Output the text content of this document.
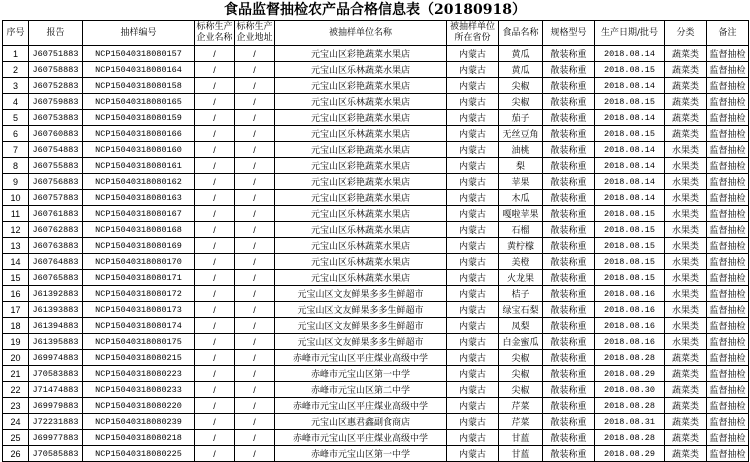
食品监督抽检农产品合格信息表（20180918）
序号	报告	抽样编号	标称生产企业名称	标称生产企业地址	被抽样单位名称	被抽样单位所在省份	食品名称	规格型号	生产日期/批号	分类	备注
1	J60751883	NCP15040318080157	/	/	元宝山区彩艳蔬菜水果店	内蒙古	黄瓜	散装称重	2018.08.14	蔬菜类	监督抽检
2	J60758883	NCP15040318080164	/	/	元宝山区乐林蔬菜水果店	内蒙古	黄瓜	散装称重	2018.08.15	蔬菜类	监督抽检
3	J60752883	NCP15040318080158	/	/	元宝山区彩艳蔬菜水果店	内蒙古	尖椒	散装称重	2018.08.14	蔬菜类	监督抽检
4	J60759883	NCP15040318080165	/	/	元宝山区乐林蔬菜水果店	内蒙古	尖椒	散装称重	2018.08.15	蔬菜类	监督抽检
5	J60753883	NCP15040318080159	/	/	元宝山区彩艳蔬菜水果店	内蒙古	茄子	散装称重	2018.08.14	蔬菜类	监督抽检
6	J60760883	NCP15040318080166	/	/	元宝山区乐林蔬菜水果店	内蒙古	无丝豆角	散装称重	2018.08.15	蔬菜类	监督抽检
7	J60754883	NCP15040318080160	/	/	元宝山区彩艳蔬菜水果店	内蒙古	油桃	散装称重	2018.08.14	水果类	监督抽检
8	J60755883	NCP15040318080161	/	/	元宝山区彩艳蔬菜水果店	内蒙古	梨	散装称重	2018.08.14	水果类	监督抽检
9	J60756883	NCP15040318080162	/	/	元宝山区彩艳蔬菜水果店	内蒙古	苹果	散装称重	2018.08.14	水果类	监督抽检
10	J60757883	NCP15040318080163	/	/	元宝山区彩艳蔬菜水果店	内蒙古	木瓜	散装称重	2018.08.14	水果类	监督抽检
11	J60761883	NCP15040318080167	/	/	元宝山区乐林蔬菜水果店	内蒙古	嘎啦苹果	散装称重	2018.08.15	水果类	监督抽检
12	J60762883	NCP15040318080168	/	/	元宝山区乐林蔬菜水果店	内蒙古	石榴	散装称重	2018.08.15	水果类	监督抽检
13	J60763883	NCP15040318080169	/	/	元宝山区乐林蔬菜水果店	内蒙古	黄柠檬	散装称重	2018.08.15	水果类	监督抽检
14	J60764883	NCP15040318080170	/	/	元宝山区乐林蔬菜水果店	内蒙古	美橙	散装称重	2018.08.15	水果类	监督抽检
15	J60765883	NCP15040318080171	/	/	元宝山区乐林蔬菜水果店	内蒙古	火龙果	散装称重	2018.08.15	水果类	监督抽检
16	J61392883	NCP15040318080172	/	/	元宝山区文友鲜果多多生鲜超市	内蒙古	桔子	散装称重	2018.08.16	水果类	监督抽检
17	J61393883	NCP15040318080173	/	/	元宝山区文友鲜果多多生鲜超市	内蒙古	绿宝石梨	散装称重	2018.08.16	水果类	监督抽检
18	J61394883	NCP15040318080174	/	/	元宝山区文友鲜果多多生鲜超市	内蒙古	凤梨	散装称重	2018.08.16	水果类	监督抽检
19	J61395883	NCP15040318080175	/	/	元宝山区文友鲜果多多生鲜超市	内蒙古	白金蜜瓜	散装称重	2018.08.16	水果类	监督抽检
20	J69974883	NCP15040318080215	/	/	赤峰市元宝山区平庄煤业高级中学	内蒙古	尖椒	散装称重	2018.08.28	蔬菜类	监督抽检
21	J70583883	NCP15040318080223	/	/	赤峰市元宝山区第一中学	内蒙古	尖椒	散装称重	2018.08.29	蔬菜类	监督抽检
22	J71474883	NCP15040318080233	/	/	赤峰市元宝山区第二中学	内蒙古	尖椒	散装称重	2018.08.30	蔬菜类	监督抽检
23	J69979883	NCP15040318080220	/	/	赤峰市元宝山区平庄煤业高级中学	内蒙古	芹菜	散装称重	2018.08.28	蔬菜类	监督抽检
24	J72231883	NCP15040318080239	/	/	元宝山区惠君鑫副食商店	内蒙古	芹菜	散装称重	2018.08.31	蔬菜类	监督抽检
25	J69977883	NCP15040318080218	/	/	赤峰市元宝山区平庄煤业高级中学	内蒙古	甘蓝	散装称重	2018.08.28	蔬菜类	监督抽检
26	J70585883	NCP15040318080225	/	/	赤峰市元宝山区第一中学	内蒙古	甘蓝	散装称重	2018.08.29	蔬菜类	监督抽检
